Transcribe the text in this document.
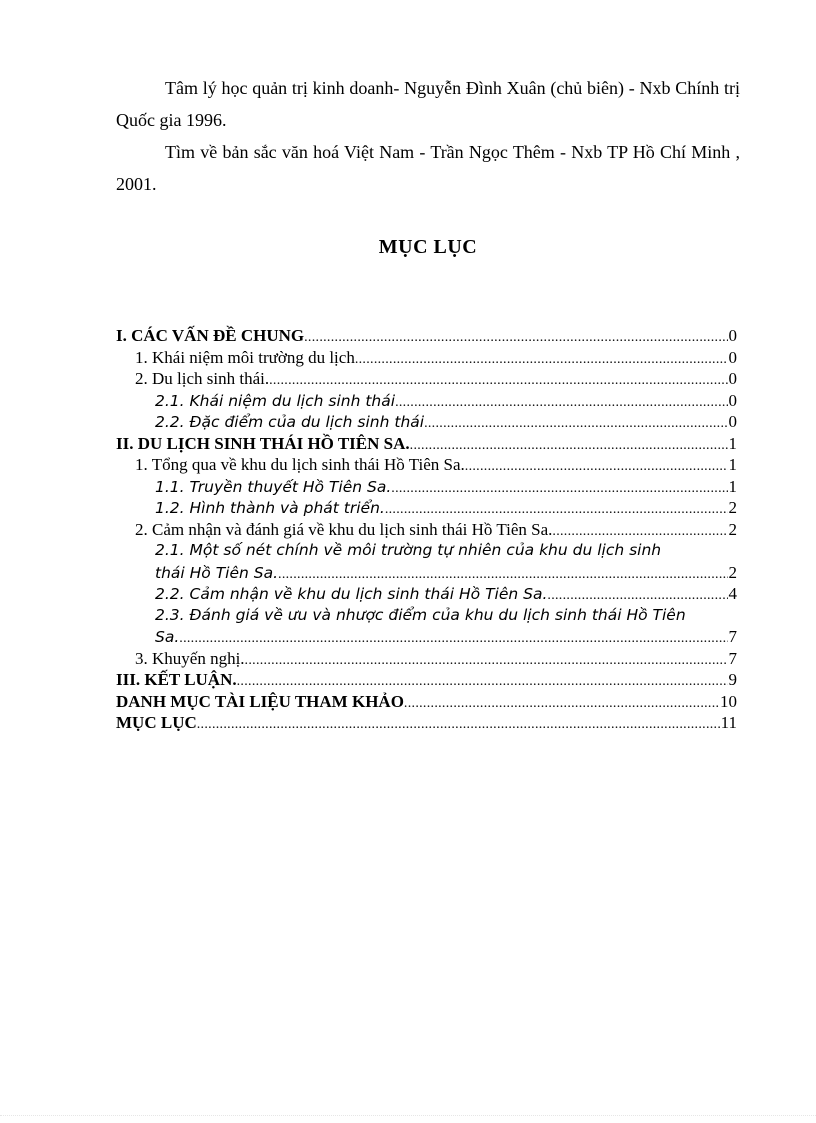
Tâm lý học quản trị kinh doanh- Nguyễn Đình Xuân (chủ biên) - Nxb Chính trị Quốc gia 1996.

Tìm về bản sắc văn hoá Việt Nam - Trần Ngọc Thêm - Nxb TP Hồ Chí Minh , 2001.

MỤC LỤC
I. CÁC VẤN ĐỀ CHUNG . . .	0
1. Khái niệm môi trường du lịch . . .	0
2. Du lịch sinh thái. . . .	0
2.1. Khái niệm du lịch sinh thái . . .	0
2.2. Đặc điểm của du lịch sinh thái . . .	0
II. DU LỊCH SINH THÁI HỒ TIÊN SA. . . .	1
1. Tổng qua về khu du lịch sinh thái Hồ Tiên Sa. . . .	1
1.1. Truyền thuyết Hồ Tiên Sa. . . .	1
1.2. Hình thành và phát triển. . . .	2
2. Cảm nhận và đánh giá về khu du lịch sinh thái Hồ Tiên Sa. . . .	2
2.1. Một số nét chính về môi trường tự nhiên của khu du lịch sinh
thái Hồ Tiên Sa. . . .	2
2.2. Cảm nhận về khu du lịch sinh thái Hồ Tiên Sa. . . .	4
2.3. Đánh giá về ưu và nhược điểm của khu du lịch sinh thái Hồ Tiên
Sa. . . .	7
3. Khuyến nghị. . . .	7
III. KẾT LUẬN. . . .	9
DANH MỤC TÀI LIỆU THAM KHẢO . . .	10
MỤC LỤC . . .	11
